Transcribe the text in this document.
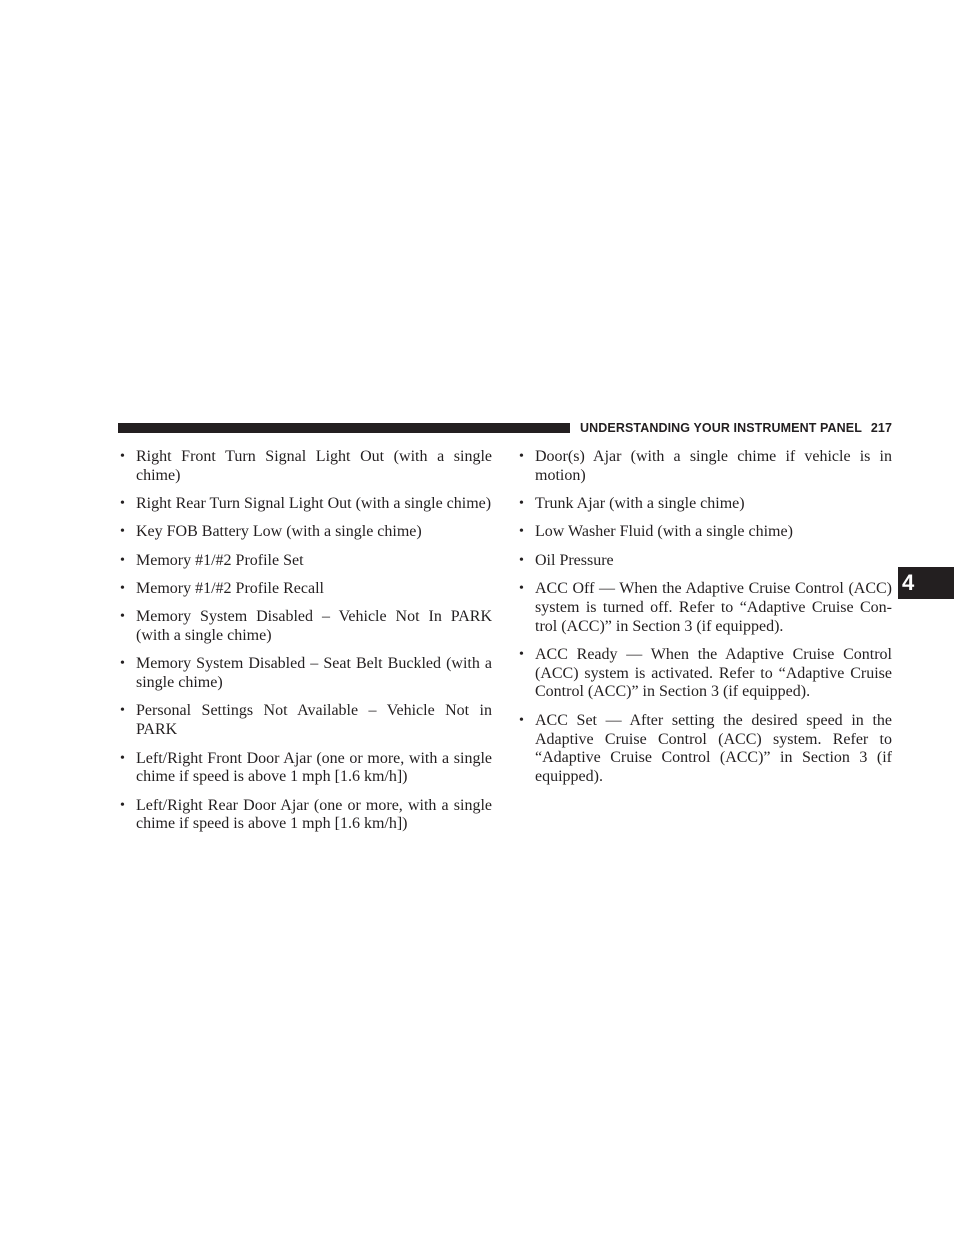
UNDERSTANDING YOUR INSTRUMENT PANEL 217
4
• Right Front Turn Signal Light Out (with a single chime)
• Right Rear Turn Signal Light Out (with a single chime)
• Key FOB Battery Low (with a single chime)
• Memory #1/#2 Profile Set
• Memory #1/#2 Profile Recall
• Memory System Disabled – Vehicle Not In PARK (with a single chime)
• Memory System Disabled – Seat Belt Buckled (with a single chime)
• Personal Settings Not Available – Vehicle Not in PARK
• Left/Right Front Door Ajar (one or more, with a single chime if speed is above 1 mph [1.6 km/h])
• Left/Right Rear Door Ajar (one or more, with a single chime if speed is above 1 mph [1.6 km/h])
• Door(s) Ajar (with a single chime if vehicle is in motion)
• Trunk Ajar (with a single chime)
• Low Washer Fluid (with a single chime)
• Oil Pressure
• ACC Off — When the Adaptive Cruise Control (ACC) system is turned off. Refer to “Adaptive Cruise Con-trol (ACC)” in Section 3 (if equipped).
• ACC Ready — When the Adaptive Cruise Control (ACC) system is activated. Refer to “Adaptive Cruise Control (ACC)” in Section 3 (if equipped).
• ACC Set — After setting the desired speed in the Adaptive Cruise Control (ACC) system. Refer to “Adaptive Cruise Control (ACC)” in Section 3 (if equipped).
